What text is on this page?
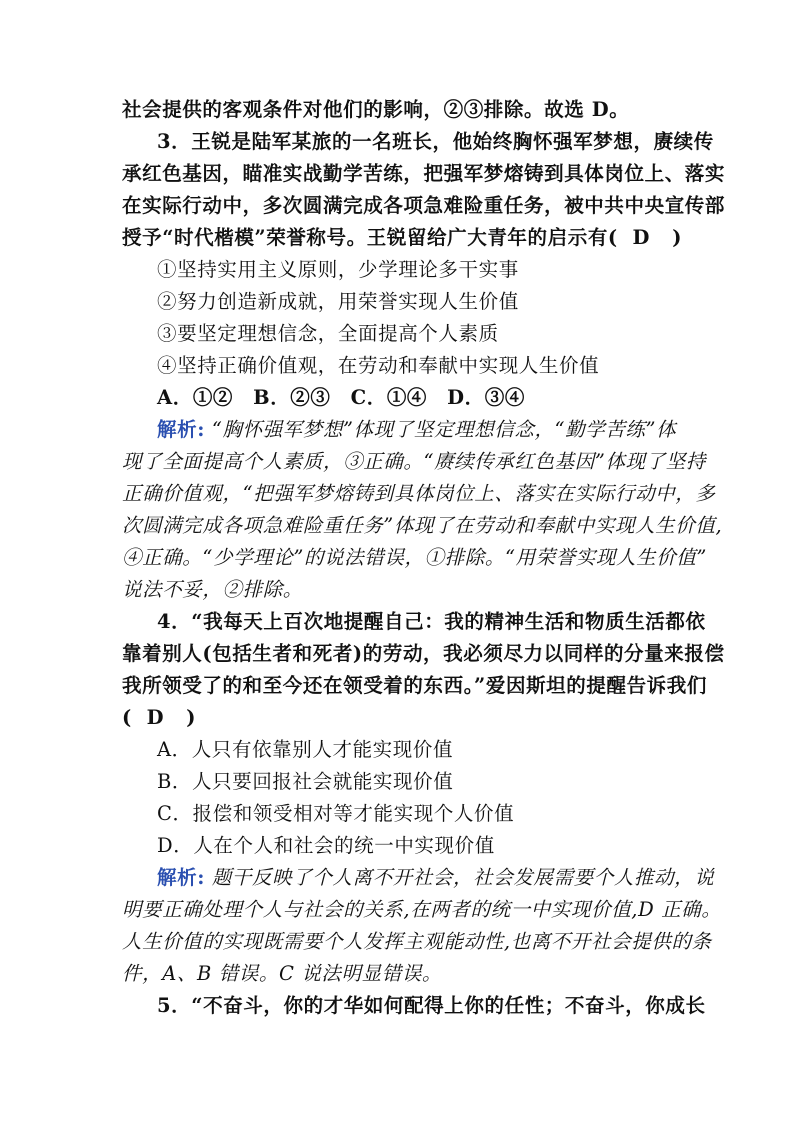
社会提供的客观条件对他们的影响，②③排除。故选 D。
3．王锐是陆军某旅的一名班长，他始终胸怀强军梦想，赓续传
承红色基因，瞄准实战勤学苦练，把强军梦熔铸到具体岗位上、落实
在实际行动中，多次圆满完成各项急难险重任务，被中共中央宣传部
授予“时代楷模”荣誉称号。王锐留给广大青年的启示有( D )
①坚持实用主义原则，少学理论多干实事
②努力创造新成就，用荣誉实现人生价值
③要坚定理想信念，全面提高个人素质
④坚持正确价值观，在劳动和奉献中实现人生价值
A．①②　B．②③　C．①④　D．③④
解析: “胸怀强军梦想”体现了坚定理想信念，“勤学苦练”体
现了全面提高个人素质，③正确。“赓续传承红色基因”体现了坚持
正确价值观，“把强军梦熔铸到具体岗位上、落实在实际行动中，多
次圆满完成各项急难险重任务”体现了在劳动和奉献中实现人生价值,
④正确。“少学理论”的说法错误，①排除。“用荣誉实现人生价值”
说法不妥，②排除。
4．“我每天上百次地提醒自己：我的精神生活和物质生活都依
靠着别人(包括生者和死者)的劳动，我必须尽力以同样的分量来报偿
我所领受了的和至今还在领受着的东西。”爱因斯坦的提醒告诉我们
( D )
A．人只有依靠别人才能实现价值
B．人只要回报社会就能实现价值
C．报偿和领受相对等才能实现个人价值
D．人在个人和社会的统一中实现价值
解析: 题干反映了个人离不开社会，社会发展需要个人推动，说
明要正确处理个人与社会的关系,在两者的统一中实现价值,D 正确。
人生价值的实现既需要个人发挥主观能动性,也离不开社会提供的条
件，A、B 错误。C 说法明显错误。
5．“不奋斗，你的才华如何配得上你的任性；不奋斗，你成长
